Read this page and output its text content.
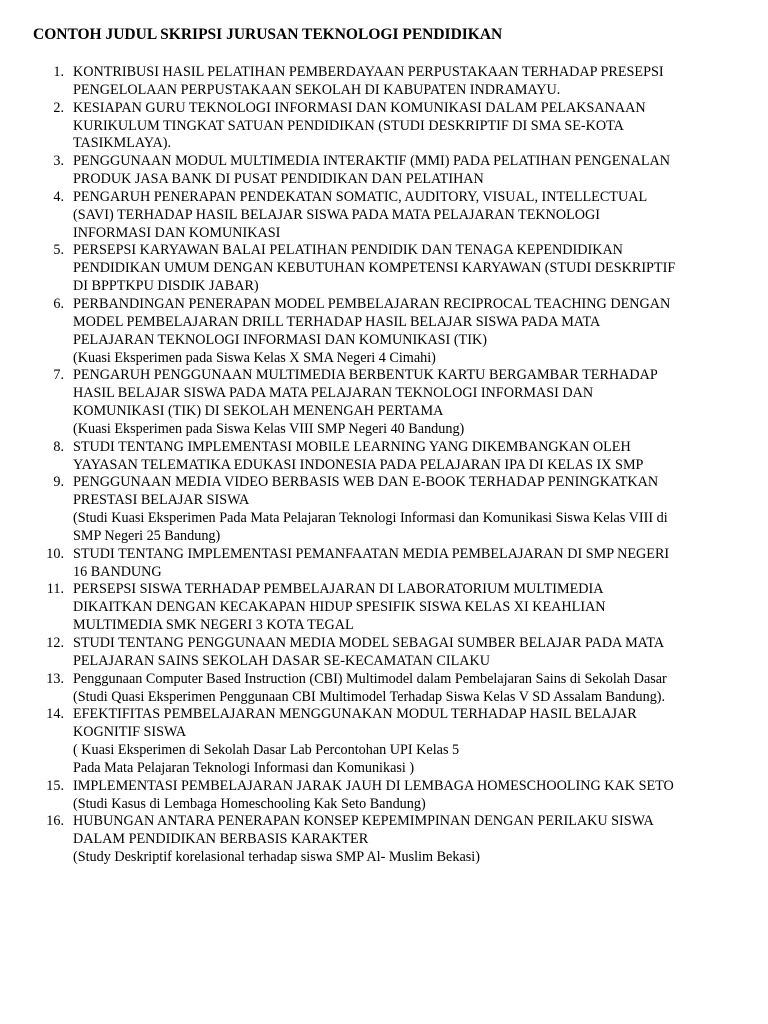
CONTOH JUDUL SKRIPSI JURUSAN TEKNOLOGI PENDIDIKAN
1. KONTRIBUSI HASIL PELATIHAN PEMBERDAYAAN PERPUSTAKAAN TERHADAP PRESEPSI
PENGELOLAAN PERPUSTAKAAN SEKOLAH DI KABUPATEN INDRAMAYU.
2. KESIAPAN GURU TEKNOLOGI INFORMASI DAN KOMUNIKASI DALAM PELAKSANAAN
KURIKULUM TINGKAT SATUAN PENDIDIKAN (STUDI DESKRIPTIF DI SMA SE-KOTA
TASIKMLAYA).
3. PENGGUNAAN MODUL MULTIMEDIA INTERAKTIF (MMI) PADA PELATIHAN PENGENALAN
PRODUK JASA BANK DI PUSAT PENDIDIKAN DAN PELATIHAN
4. PENGARUH PENERAPAN PENDEKATAN SOMATIC, AUDITORY, VISUAL, INTELLECTUAL
(SAVI) TERHADAP HASIL BELAJAR SISWA PADA MATA PELAJARAN TEKNOLOGI
INFORMASI DAN KOMUNIKASI
5. PERSEPSI KARYAWAN BALAI PELATIHAN PENDIDIK DAN TENAGA KEPENDIDIKAN
PENDIDIKAN UMUM DENGAN KEBUTUHAN KOMPETENSI KARYAWAN (STUDI DESKRIPTIF
DI BPPTKPU DISDIK JABAR)
6. PERBANDINGAN PENERAPAN MODEL PEMBELAJARAN RECIPROCAL TEACHING DENGAN
MODEL PEMBELAJARAN DRILL TERHADAP HASIL BELAJAR SISWA PADA MATA
PELAJARAN TEKNOLOGI INFORMASI DAN KOMUNIKASI (TIK)
(Kuasi Eksperimen pada Siswa Kelas X SMA Negeri 4 Cimahi)
7. PENGARUH PENGGUNAAN MULTIMEDIA BERBENTUK KARTU BERGAMBAR TERHADAP
HASIL BELAJAR SISWA PADA MATA PELAJARAN TEKNOLOGI INFORMASI DAN
KOMUNIKASI (TIK) DI SEKOLAH MENENGAH PERTAMA
(Kuasi Eksperimen pada Siswa Kelas VIII SMP Negeri 40 Bandung)
8. STUDI TENTANG IMPLEMENTASI MOBILE LEARNING YANG DIKEMBANGKAN OLEH
YAYASAN TELEMATIKA EDUKASI INDONESIA PADA PELAJARAN IPA DI KELAS IX SMP
9. PENGGUNAAN MEDIA VIDEO BERBASIS WEB DAN E-BOOK TERHADAP PENINGKATKAN
PRESTASI BELAJAR SISWA
(Studi Kuasi Eksperimen Pada Mata Pelajaran Teknologi Informasi dan Komunikasi Siswa Kelas VIII di
SMP Negeri 25 Bandung)
10. STUDI TENTANG IMPLEMENTASI PEMANFAATAN MEDIA PEMBELAJARAN DI SMP NEGERI
16 BANDUNG
11. PERSEPSI SISWA TERHADAP PEMBELAJARAN DI LABORATORIUM MULTIMEDIA
DIKAITKAN DENGAN KECAKAPAN HIDUP SPESIFIK SISWA KELAS XI KEAHLIAN
MULTIMEDIA SMK NEGERI 3 KOTA TEGAL
12. STUDI TENTANG PENGGUNAAN MEDIA MODEL SEBAGAI SUMBER BELAJAR PADA MATA
PELAJARAN SAINS SEKOLAH DASAR SE-KECAMATAN CILAKU
13. Penggunaan Computer Based Instruction (CBI) Multimodel dalam Pembelajaran Sains di Sekolah Dasar
(Studi Quasi Eksperimen Penggunaan CBI Multimodel Terhadap Siswa Kelas V SD Assalam Bandung).
14. EFEKTIFITAS PEMBELAJARAN MENGGUNAKAN MODUL TERHADAP HASIL BELAJAR
KOGNITIF SISWA
( Kuasi Eksperimen di Sekolah Dasar Lab Percontohan UPI Kelas 5
Pada Mata Pelajaran Teknologi Informasi dan Komunikasi )
15. IMPLEMENTASI PEMBELAJARAN JARAK JAUH DI LEMBAGA HOMESCHOOLING KAK SETO
(Studi Kasus di Lembaga Homeschooling Kak Seto Bandung)
16. HUBUNGAN ANTARA PENERAPAN KONSEP KEPEMIMPINAN DENGAN PERILAKU SISWA
DALAM PENDIDIKAN BERBASIS KARAKTER
(Study Deskriptif korelasional terhadap siswa SMP Al- Muslim Bekasi)
